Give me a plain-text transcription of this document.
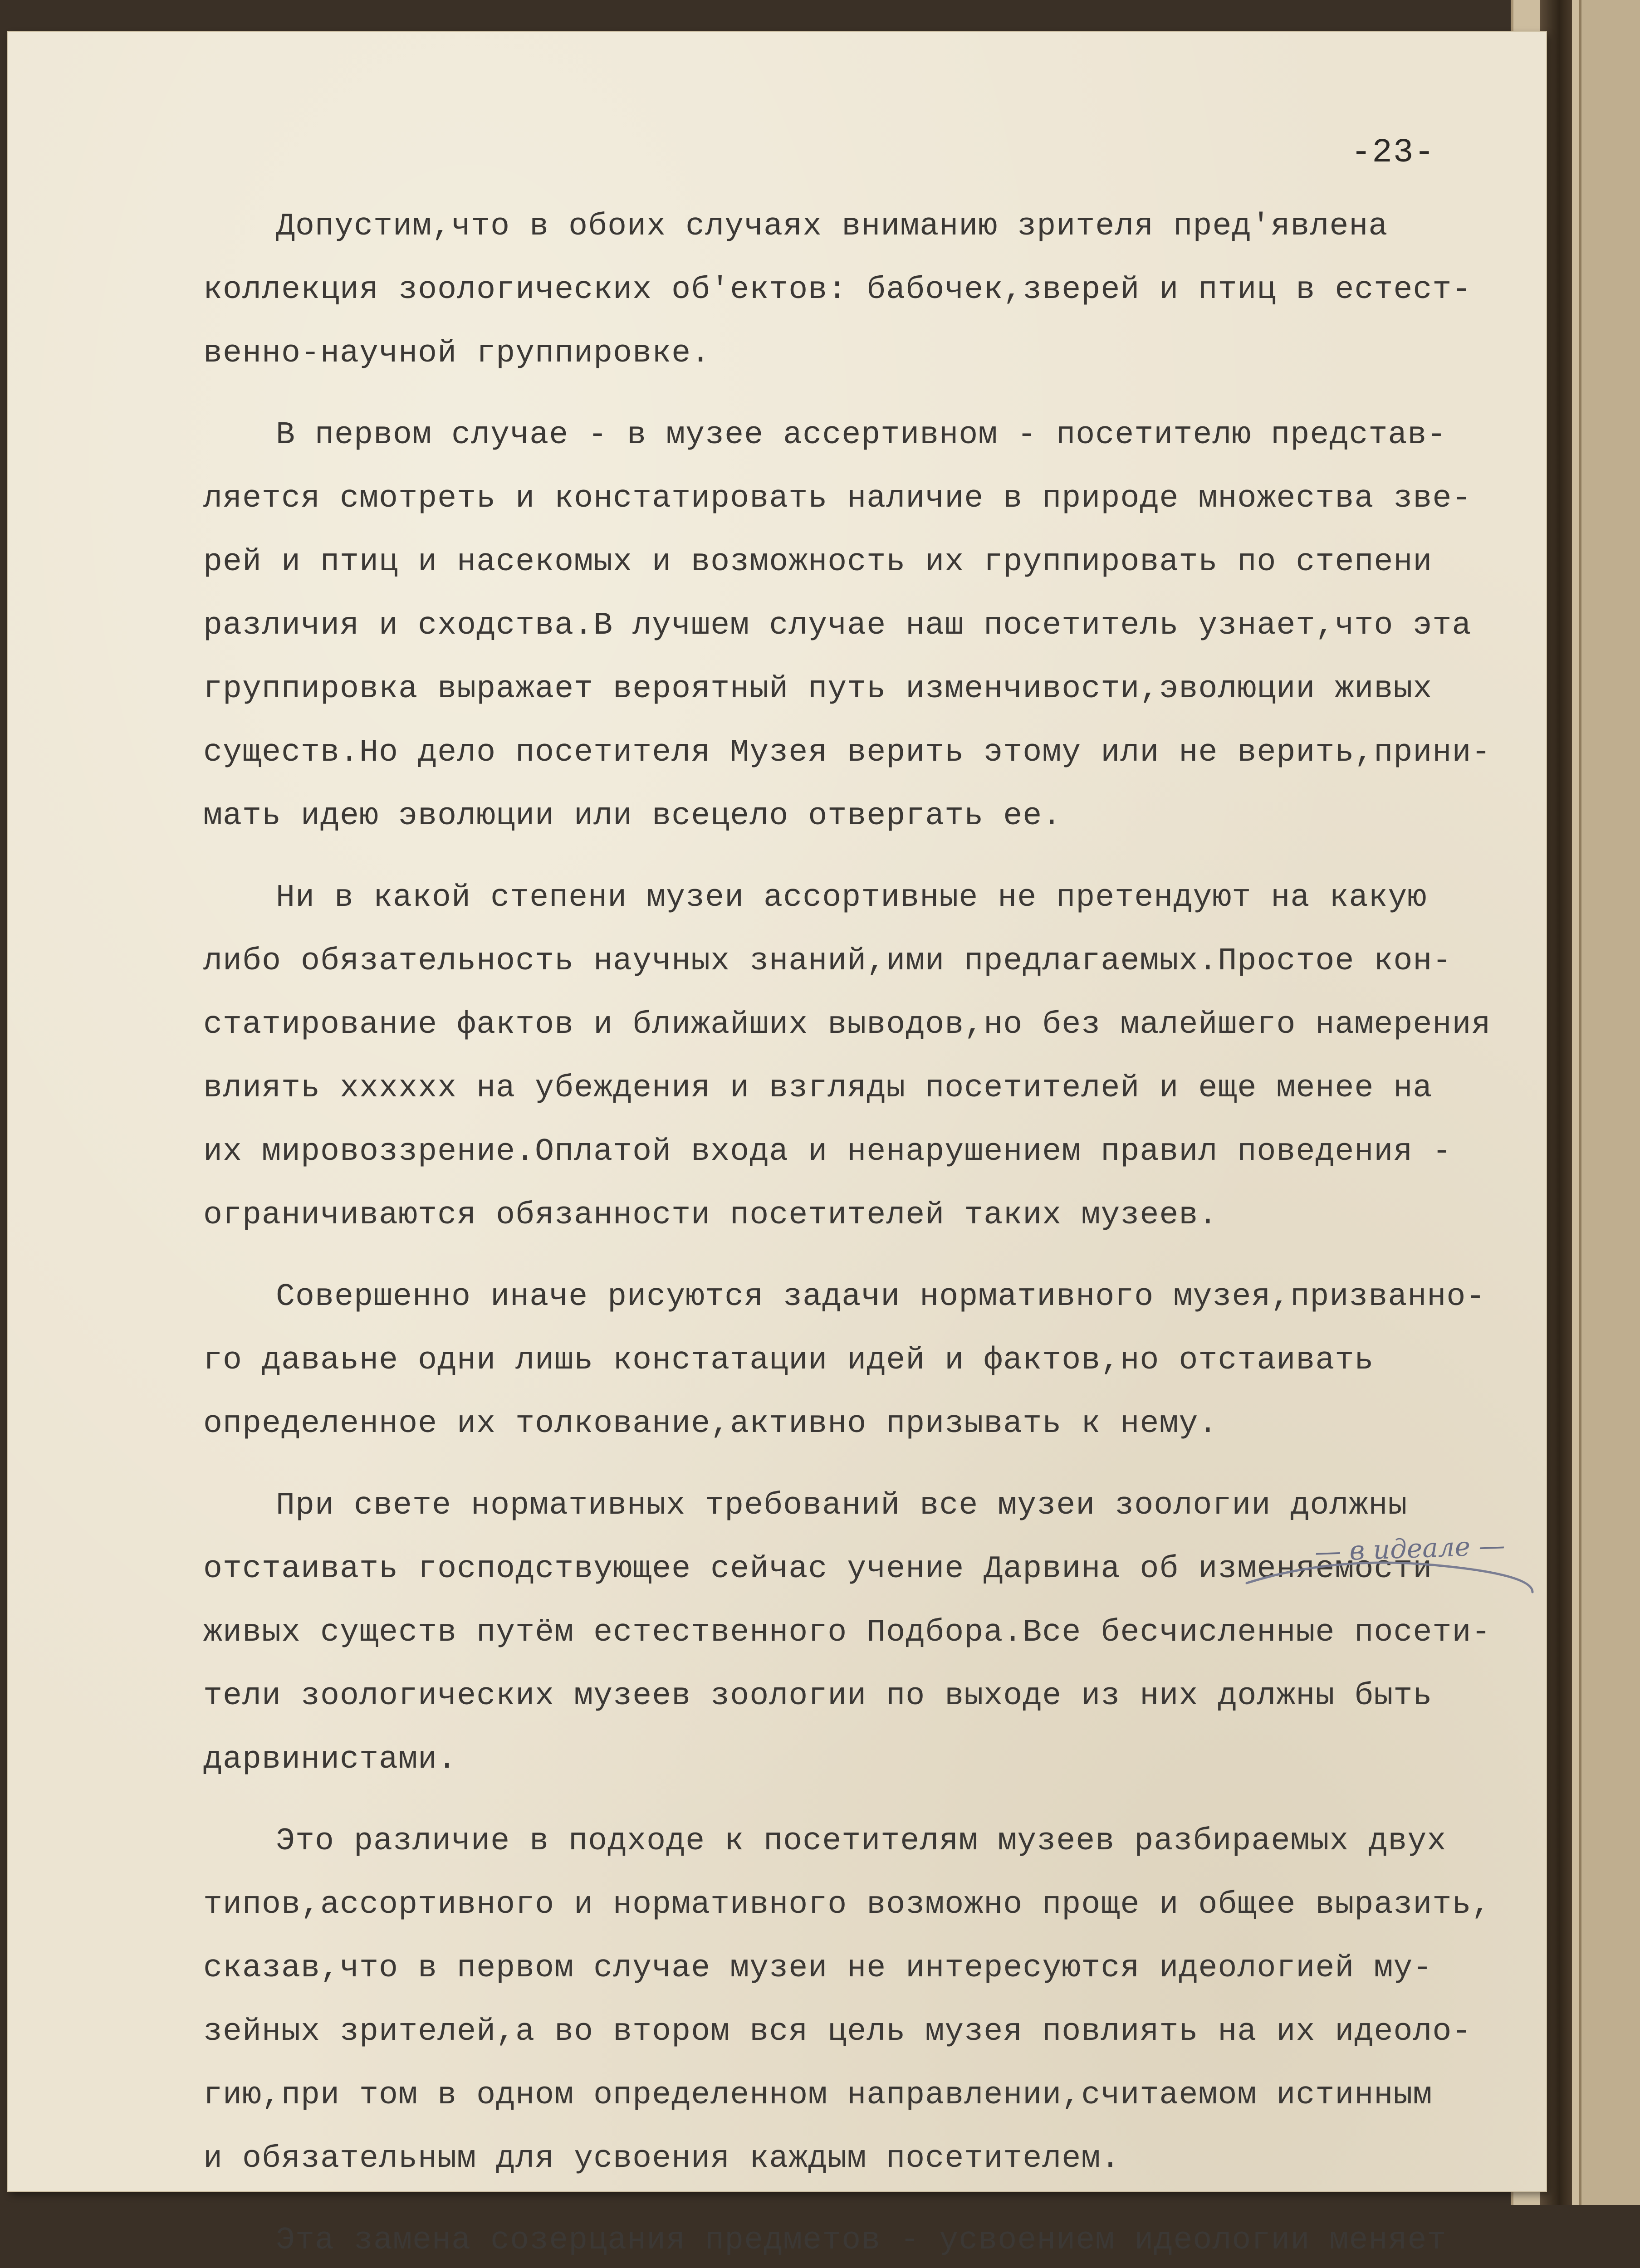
-23-
Допустим,что в обоих случаях вниманию зрителя пред'явлена
коллекция зоологических об'ектов: бабочек,зверей и птиц в естест-
венно-научной группировке.
В первом случае - в музее ассертивном - посетителю представ-
ляется смотреть и констатировать наличие в природе множества зве-
рей и птиц и насекомых и возможность их группировать по степени
различия и сходства.В лучшем случае наш посетитель узнает,что эта
группировка выражает вероятный путь изменчивости,эволюции живых
существ.Но дело посетителя Музея верить этому или не верить,прини-
мать идею эволюции или всецело отвергать ее.
Ни в какой степени музеи ассортивные не претендуют на какую
либо обязательность научных знаний,ими предлагаемых.Простое кон-
статирование фактов и ближайших выводов,но без малейшего намерения
влиять хххххх на убеждения и взгляды посетителей и еще менее на
их мировоззрение.Оплатой входа и ненарушением правил поведения -
ограничиваются обязанности посетителей таких музеев.
Совершенно иначе рисуются задачи нормативного музея,призванно-
го даваьне одни лишь констатации идей и фактов,но отстаивать
определенное их толкование,активно призывать к нему.
При свете нормативных требований все музеи зоологии должны
отстаивать господствующее сейчас учение Дарвина об изменяемости
живых существ путём естественного Подбора.Все бесчисленные посети-
тели зоологических музеев зоологии по выходе из них должны быть
дарвинистами.
Это различие в подходе к посетителям музеев разбираемых двух
типов,ассортивного и нормативного возможно проще и общее выразить,
сказав,что в первом случае музеи не интересуются идеологией му-
зейных зрителей,а во втором вся цель музея повлиять на их идеоло-
гию,при том в одном определенном направлении,считаемом истинным
и обязательным для усвоения каждым посетителем.
Эта замена созерцания предметов - усвоением идеологии меняет
— в идеале —
